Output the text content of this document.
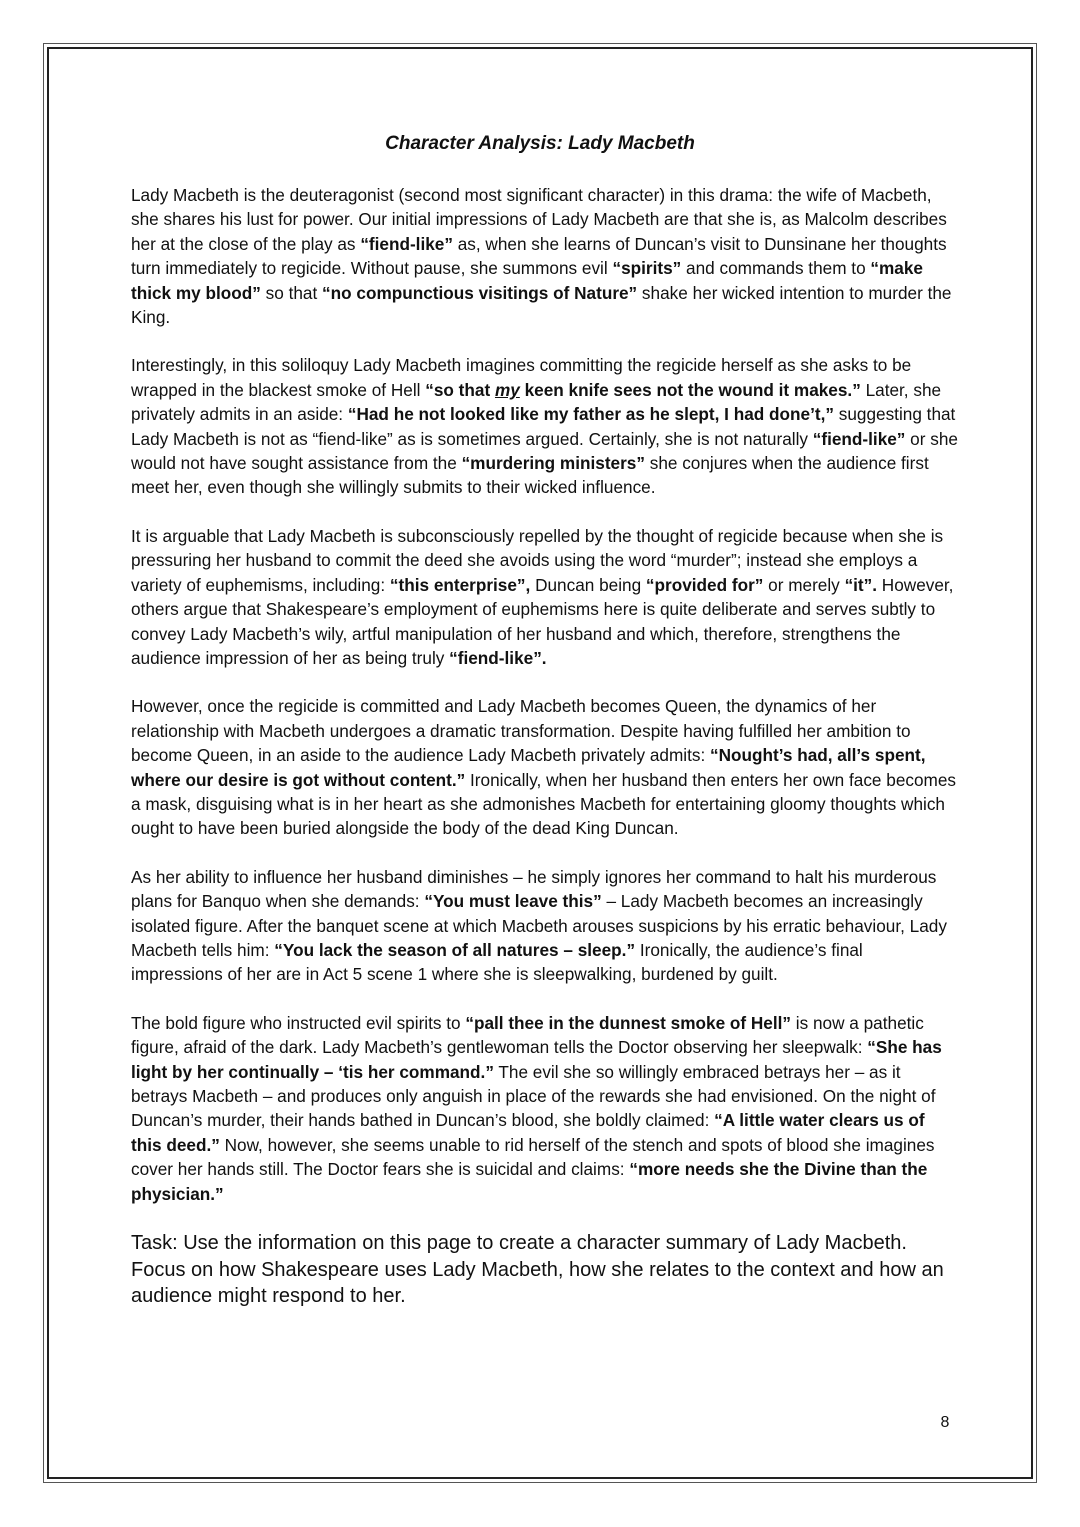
Character Analysis: Lady Macbeth

Lady Macbeth is the deuteragonist (second most significant character) in this drama: the wife of Macbeth, she shares his lust for power. Our initial impressions of Lady Macbeth are that she is, as Malcolm describes her at the close of the play as “fiend-like” as, when she learns of Duncan’s visit to Dunsinane her thoughts turn immediately to regicide. Without pause, she summons evil “spirits” and commands them to “make thick my blood” so that “no compunctious visitings of Nature” shake her wicked intention to murder the King.

Interestingly, in this soliloquy Lady Macbeth imagines committing the regicide herself as she asks to be wrapped in the blackest smoke of Hell “so that my keen knife sees not the wound it makes.” Later, she privately admits in an aside: “Had he not looked like my father as he slept, I had done’t,” suggesting that Lady Macbeth is not as “fiend-like” as is sometimes argued. Certainly, she is not naturally “fiend-like” or she would not have sought assistance from the “murdering ministers” she conjures when the audience first meet her, even though she willingly submits to their wicked influence.

It is arguable that Lady Macbeth is subconsciously repelled by the thought of regicide because when she is pressuring her husband to commit the deed she avoids using the word “murder”; instead she employs a variety of euphemisms, including: “this enterprise”, Duncan being “provided for” or merely “it”. However, others argue that Shakespeare’s employment of euphemisms here is quite deliberate and serves subtly to convey Lady Macbeth’s wily, artful manipulation of her husband and which, therefore, strengthens the audience impression of her as being truly “fiend-like”.

However, once the regicide is committed and Lady Macbeth becomes Queen, the dynamics of her relationship with Macbeth undergoes a dramatic transformation. Despite having fulfilled her ambition to become Queen, in an aside to the audience Lady Macbeth privately admits: “Nought’s had, all’s spent, where our desire is got without content.” Ironically, when her husband then enters her own face becomes a mask, disguising what is in her heart as she admonishes Macbeth for entertaining gloomy thoughts which ought to have been buried alongside the body of the dead King Duncan.

As her ability to influence her husband diminishes – he simply ignores her command to halt his murderous plans for Banquo when she demands: “You must leave this” – Lady Macbeth becomes an increasingly isolated figure. After the banquet scene at which Macbeth arouses suspicions by his erratic behaviour, Lady Macbeth tells him: “You lack the season of all natures – sleep.” Ironically, the audience’s final impressions of her are in Act 5 scene 1 where she is sleepwalking, burdened by guilt.

The bold figure who instructed evil spirits to “pall thee in the dunnest smoke of Hell” is now a pathetic figure, afraid of the dark. Lady Macbeth’s gentlewoman tells the Doctor observing her sleepwalk: “She has light by her continually – ‘tis her command.” The evil she so willingly embraced betrays her – as it betrays Macbeth – and produces only anguish in place of the rewards she had envisioned. On the night of Duncan’s murder, their hands bathed in Duncan’s blood, she boldly claimed: “A little water clears us of this deed.” Now, however, she seems unable to rid herself of the stench and spots of blood she imagines cover her hands still. The Doctor fears she is suicidal and claims: “more needs she the Divine than the physician.”

Task: Use the information on this page to create a character summary of Lady Macbeth. Focus on how Shakespeare uses Lady Macbeth, how she relates to the context and how an audience might respond to her.
8
